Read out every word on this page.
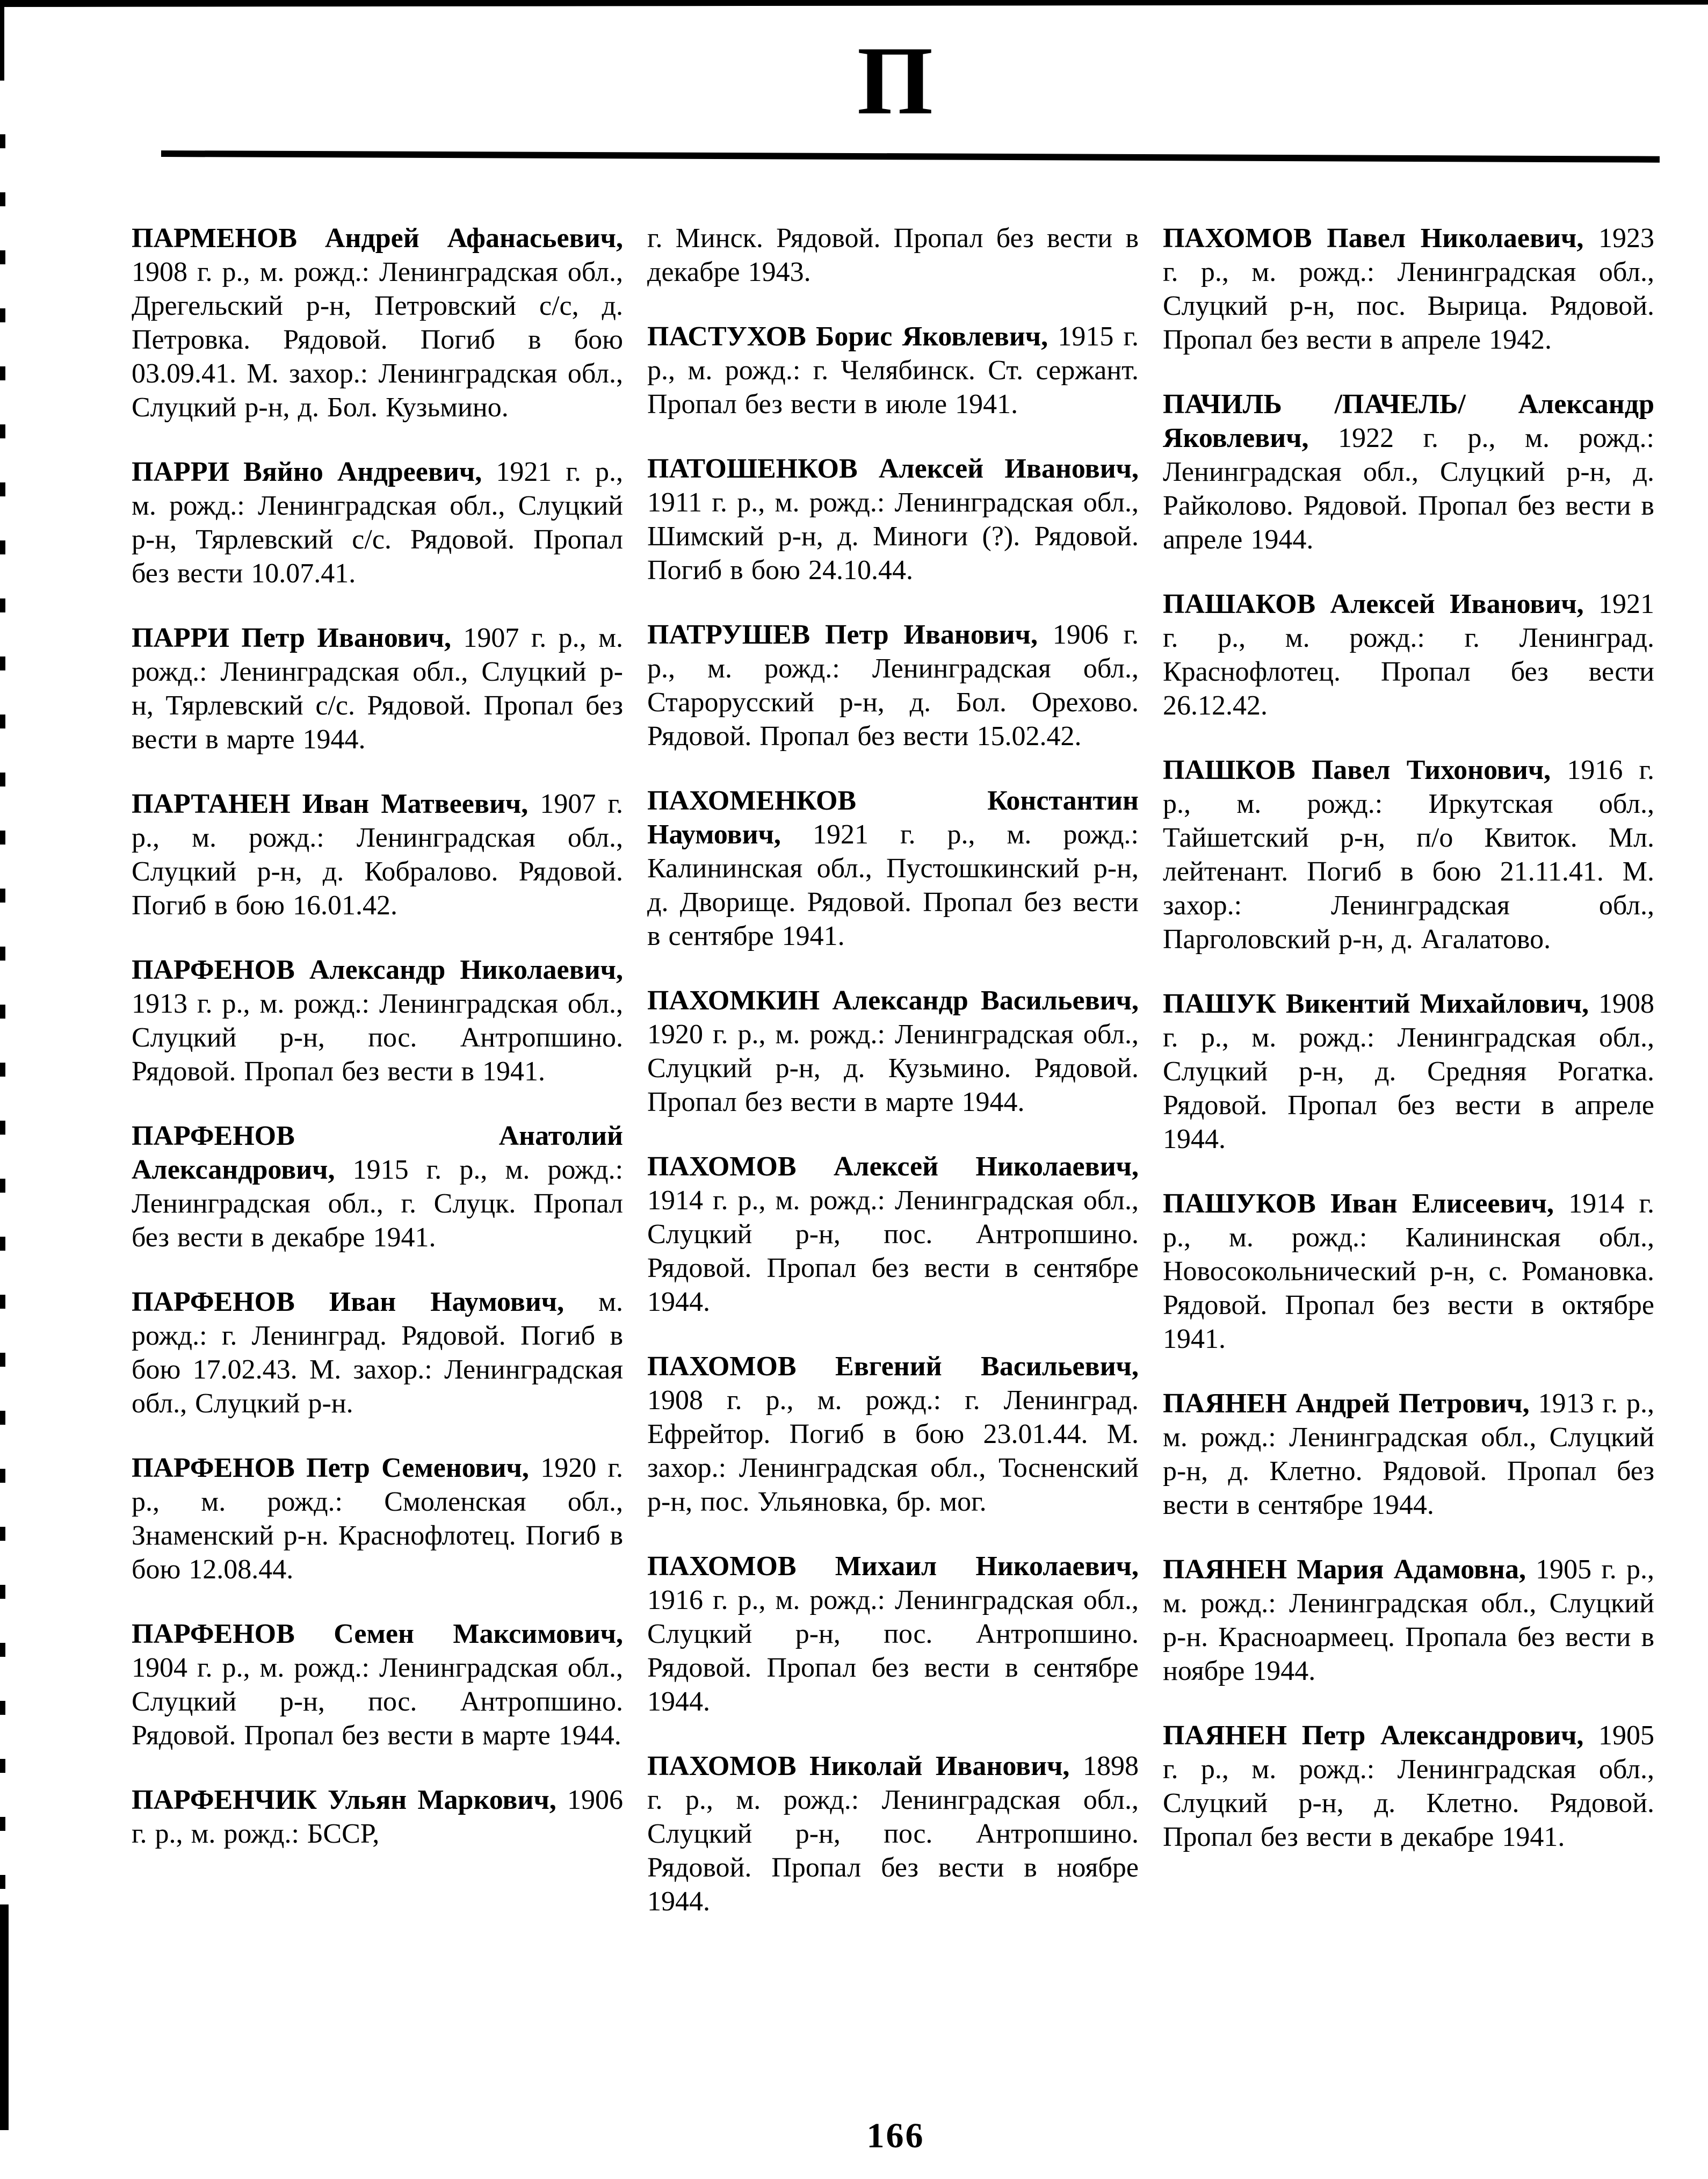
П

ПАРМЕНОВ Андрей Афанасьевич, 1908 г. р., м. рожд.: Ленинградская обл., Дрегельский р-н, Петровский с/с, д. Петровка. Рядовой. Погиб в бою 03.09.41. М. захор.: Ленинградская обл., Слуцкий р-н, д. Бол. Кузьмино.

ПАРРИ Вяйно Андреевич, 1921 г. р., м. рожд.: Ленинградская обл., Слуцкий р-н, Тярлевский с/с. Рядовой. Пропал без вести 10.07.41.

ПАРРИ Петр Иванович, 1907 г. р., м. рожд.: Ленинградская обл., Слуцкий р-н, Тярлевский с/с. Рядовой. Пропал без вести в марте 1944.

ПАРТАНЕН Иван Матвеевич, 1907 г. р., м. рожд.: Ленинградская обл., Слуцкий р-н, д. Кобралово. Рядовой. Погиб в бою 16.01.42.

ПАРФЕНОВ Александр Николаевич, 1913 г. р., м. рожд.: Ленинградская обл., Слуцкий р-н, пос. Антропшино. Рядовой. Пропал без вести в 1941.

ПАРФЕНОВ Анатолий Александрович, 1915 г. р., м. рожд.: Ленинградская обл., г. Слуцк. Пропал без вести в декабре 1941.

ПАРФЕНОВ Иван Наумович, м. рожд.: г. Ленинград. Рядовой. Погиб в бою 17.02.43. М. захор.: Ленинградская обл., Слуцкий р-н.

ПАРФЕНОВ Петр Семенович, 1920 г. р., м. рожд.: Смоленская обл., Знаменский р-н. Краснофлотец. Погиб в бою 12.08.44.

ПАРФЕНОВ Семен Максимович, 1904 г. р., м. рожд.: Ленинградская обл., Слуцкий р-н, пос. Антропшино. Рядовой. Пропал без вести в марте 1944.

ПАРФЕНЧИК Ульян Маркович, 1906 г. р., м. рожд.: БССР,

г. Минск. Рядовой. Пропал без вести в декабре 1943.

ПАСТУХОВ Борис Яковлевич, 1915 г. р., м. рожд.: г. Челябинск. Ст. сержант. Пропал без вести в июле 1941.

ПАТОШЕНКОВ Алексей Иванович, 1911 г. р., м. рожд.: Ленинградская обл., Шимский р-н, д. Миноги (?). Рядовой. Погиб в бою 24.10.44.

ПАТРУШЕВ Петр Иванович, 1906 г. р., м. рожд.: Ленинградская обл., Старорусский р-н, д. Бол. Орехово. Рядовой. Пропал без вести 15.02.42.

ПАХОМЕНКОВ Константин Наумович, 1921 г. р., м. рожд.: Калининская обл., Пустошкинский р-н, д. Дворище. Рядовой. Пропал без вести в сентябре 1941.

ПАХОМКИН Александр Васильевич, 1920 г. р., м. рожд.: Ленинградская обл., Слуцкий р-н, д. Кузьмино. Рядовой. Пропал без вести в марте 1944.

ПАХОМОВ Алексей Николаевич, 1914 г. р., м. рожд.: Ленинградская обл., Слуцкий р-н, пос. Антропшино. Рядовой. Пропал без вести в сентябре 1944.

ПАХОМОВ Евгений Васильевич, 1908 г. р., м. рожд.: г. Ленинград. Ефрейтор. Погиб в бою 23.01.44. М. захор.: Ленинградская обл., Тосненский р-н, пос. Ульяновка, бр. мог.

ПАХОМОВ Михаил Николаевич, 1916 г. р., м. рожд.: Ленинградская обл., Слуцкий р-н, пос. Антропшино. Рядовой. Пропал без вести в сентябре 1944.

ПАХОМОВ Николай Иванович, 1898 г. р., м. рожд.: Ленинградская обл., Слуцкий р-н, пос. Антропшино. Рядовой. Пропал без вести в ноябре 1944.

ПАХОМОВ Павел Николаевич, 1923 г. р., м. рожд.: Ленинградская обл., Слуцкий р-н, пос. Вырица. Рядовой. Пропал без вести в апреле 1942.

ПАЧИЛЬ /ПАЧЕЛЬ/ Александр Яковлевич, 1922 г. р., м. рожд.: Ленинградская обл., Слуцкий р-н, д. Райколово. Рядовой. Пропал без вести в апреле 1944.

ПАШАКОВ Алексей Иванович, 1921 г. р., м. рожд.: г. Ленинград. Краснофлотец. Пропал без вести 26.12.42.

ПАШКОВ Павел Тихонович, 1916 г. р., м. рожд.: Иркутская обл., Тайшетский р-н, п/о Квиток. Мл. лейтенант. Погиб в бою 21.11.41. М. захор.: Ленинградская обл., Парголовский р-н, д. Агалатово.

ПАШУК Викентий Михайлович, 1908 г. р., м. рожд.: Ленинградская обл., Слуцкий р-н, д. Средняя Рогатка. Рядовой. Пропал без вести в апреле 1944.

ПАШУКОВ Иван Елисеевич, 1914 г. р., м. рожд.: Калининская обл., Новосокольнический р-н, с. Романовка. Рядовой. Пропал без вести в октябре 1941.

ПАЯНЕН Андрей Петрович, 1913 г. р., м. рожд.: Ленинградская обл., Слуцкий р-н, д. Клетно. Рядовой. Пропал без вести в сентябре 1944.

ПАЯНЕН Мария Адамовна, 1905 г. р., м. рожд.: Ленинградская обл., Слуцкий р-н. Красноармеец. Пропала без вести в ноябре 1944.

ПАЯНЕН Петр Александрович, 1905 г. р., м. рожд.: Ленинградская обл., Слуцкий р-н, д. Клетно. Рядовой. Пропал без вести в декабре 1941.

166
